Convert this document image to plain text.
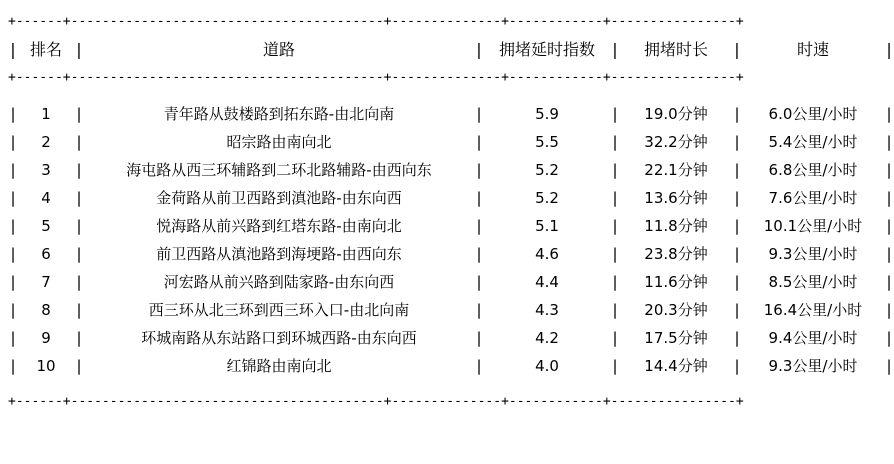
+------+----------------------------------------+--------------+------------+----------------+										
|	排名	|	道路	|	拥堵延时指数	|	拥堵时长	|	时速	|
+------+----------------------------------------+--------------+------------+----------------+										

|	1	|	青年路从鼓楼路到拓东路-由北向南	|	5.9	|	19.0分钟	|	6.0公里/小时	|
|	2	|	昭宗路由南向北	|	5.5	|	32.2分钟	|	5.4公里/小时	|
|	3	|	海屯路从西三环辅路到二环北路辅路-由西向东	|	5.2	|	22.1分钟	|	6.8公里/小时	|
|	4	|	金荷路从前卫西路到滇池路-由东向西	|	5.2	|	13.6分钟	|	7.6公里/小时	|
|	5	|	悦海路从前兴路到红塔东路-由南向北	|	5.1	|	11.8分钟	|	10.1公里/小时	|
|	6	|	前卫西路从滇池路到海埂路-由西向东	|	4.6	|	23.8分钟	|	9.3公里/小时	|
|	7	|	河宏路从前兴路到陆家路-由东向西	|	4.4	|	11.6分钟	|	8.5公里/小时	|
|	8	|	西三环从北三环到西三环入口-由北向南	|	4.3	|	20.3分钟	|	16.4公里/小时	|
|	9	|	环城南路从东站路口到环城西路-由东向西	|	4.2	|	17.5分钟	|	9.4公里/小时	|
|	10	|	红锦路由南向北	|	4.0	|	14.4分钟	|	9.3公里/小时	|

+------+----------------------------------------+--------------+------------+----------------+										
